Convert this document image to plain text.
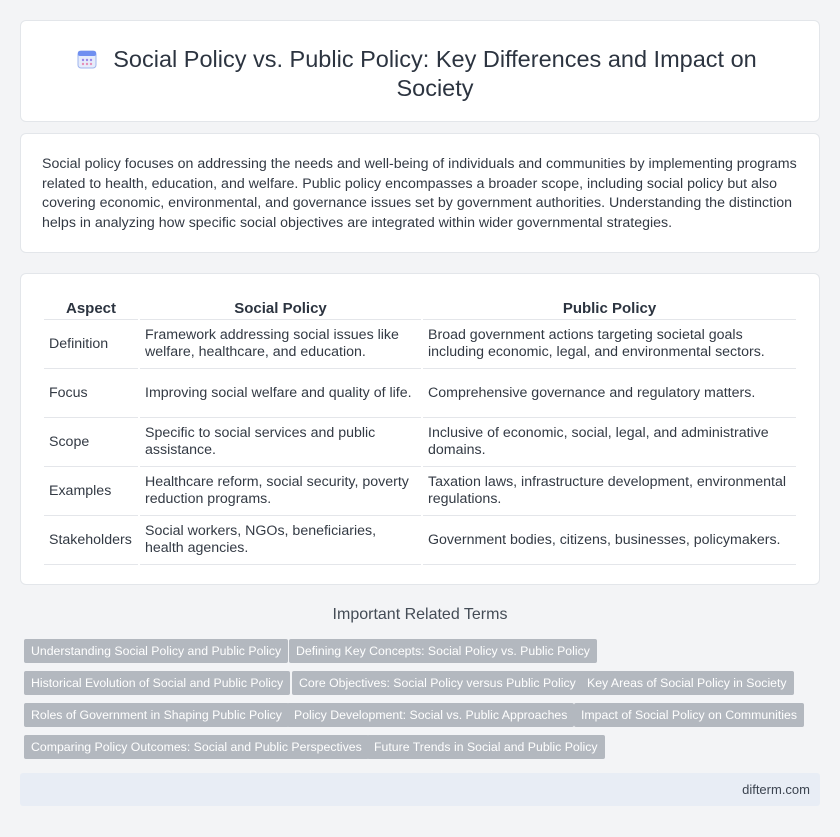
Social Policy vs. Public Policy: Key Differences and Impact on Society

Social policy focuses on addressing the needs and well-being of individuals and communities by implementing programs related to health, education, and welfare. Public policy encompasses a broader scope, including social policy but also covering economic, environmental, and governance issues set by government authorities. Understanding the distinction helps in analyzing how specific social objectives are integrated within wider governmental strategies.

Aspect	Social Policy	Public Policy
Definition	Framework addressing social issues like welfare, healthcare, and education.	Broad government actions targeting societal goals including economic, legal, and environmental sectors.
Focus	Improving social welfare and quality of life.	Comprehensive governance and regulatory matters.
Scope	Specific to social services and public assistance.	Inclusive of economic, social, legal, and administrative domains.
Examples	Healthcare reform, social security, poverty reduction programs.	Taxation laws, infrastructure development, environmental regulations.
Stakeholders	Social workers, NGOs, beneficiaries, health agencies.	Government bodies, citizens, businesses, policymakers.
Important Related Terms
Understanding Social Policy and Public Policy	Defining Key Concepts: Social Policy vs. Public Policy
Historical Evolution of Social and Public Policy	Core Objectives: Social Policy versus Public Policy Key Areas of Social Policy in Society
Roles of Government in Shaping Public Policy Policy Development: Social vs. Public Approaches	Impact of Social Policy on Communities
Comparing Policy Outcomes: Social and Public Perspectives Future Trends in Social and Public Policy
difterm.com
